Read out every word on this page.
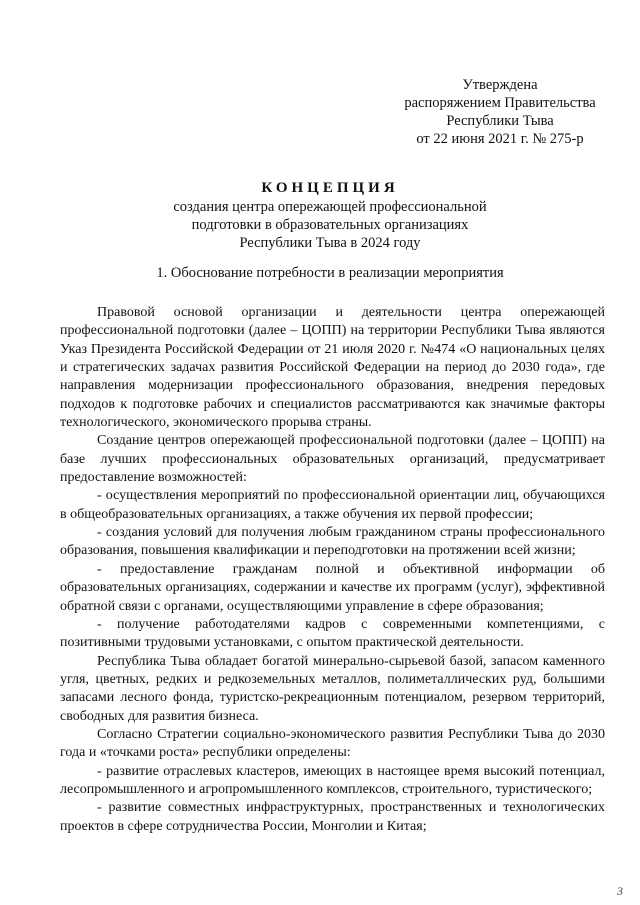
Утверждена
распоряжением Правительства
Республики Тыва
от 22 июня 2021 г. № 275-р
КОНЦЕПЦИЯ
создания центра опережающей профессиональной
подготовки в образовательных организациях
Республики Тыва в 2024 году
1. Обоснование потребности в реализации мероприятия

Правовой основой организации и деятельности центра опережающей профессиональной подготовки (далее – ЦОПП) на территории Республики Тыва являются Указ Президента Российской Федерации от 21 июля 2020 г. №474 «О национальных целях и стратегических задачах развития Российской Федерации на период до 2030 года», где направления модернизации профессионального образования, внедрения передовых подходов к подготовке рабочих и специалистов рассматриваются как значимые факторы технологического, экономического прорыва страны.

Создание центров опережающей профессиональной подготовки (далее – ЦОПП) на базе лучших профессиональных образовательных организаций, предусматривает предоставление возможностей:

- осуществления мероприятий по профессиональной ориентации лиц, обучающихся в общеобразовательных организациях, а также обучения их первой профессии;

- создания условий для получения любым гражданином страны профессионального образования, повышения квалификации и переподготовки на протяжении всей жизни;

- предоставление гражданам полной и объективной информации об образовательных организациях, содержании и качестве их программ (услуг), эффективной обратной связи с органами, осуществляющими управление в сфере образования;

- получение работодателями кадров с современными компетенциями, с позитивными трудовыми установками, с опытом практической деятельности.

Республика Тыва обладает богатой минерально-сырьевой базой, запасом каменного угля, цветных, редких и редкоземельных металлов, полиметаллических руд, большими запасами лесного фонда, туристско-рекреационным потенциалом, резервом территорий, свободных для развития бизнеса.

Согласно Стратегии социально-экономического развития Республики Тыва до 2030 года и «точками роста» республики определены:

- развитие отраслевых кластеров, имеющих в настоящее время высокий потенциал, лесопромышленного и агропромышленного комплексов, строительного, туристического;

- развитие совместных инфраструктурных, пространственных и технологических проектов в сфере сотрудничества России, Монголии и Китая;

3
